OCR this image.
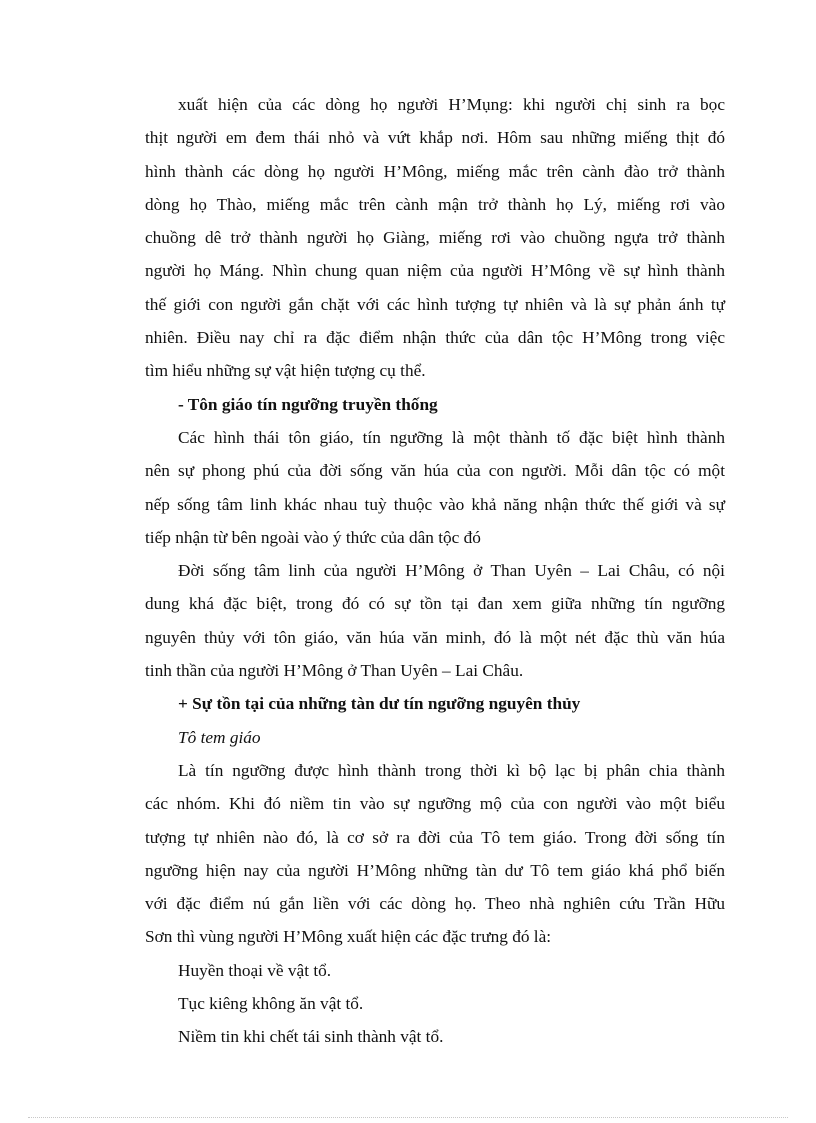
xuất hiện của các dòng họ người H’Mụng: khi người chị sinh ra bọc
thịt người em đem thái nhỏ và vứt khắp nơi. Hôm sau những miếng thịt đó
hình thành các dòng họ người H’Mông, miếng mắc trên cành đào trở thành
dòng họ Thào, miếng mắc trên cành mận trở thành họ Lý, miếng rơi vào
chuồng dê trở thành người họ Giàng, miếng rơi vào chuồng ngựa trở thành
người họ Máng. Nhìn chung quan niệm của người H’Mông về sự hình thành
thế giới con người gắn chặt với các hình tượng tự nhiên và là sự phản ánh tự
nhiên. Điều nay chỉ ra đặc điểm nhận thức của dân tộc H’Mông trong việc
tìm hiểu những sự vật hiện tượng cụ thể.
- Tôn giáo tín ngưỡng truyền thống
Các hình thái tôn giáo, tín ngưỡng là một thành tố đặc biệt hình thành
nên sự phong phú của đời sống văn húa của con người. Mỗi dân tộc có một
nếp sống tâm linh khác nhau tuỳ thuộc vào khả năng nhận thức thế giới và sự
tiếp nhận từ bên ngoài vào ý thức của dân tộc đó
Đời sống tâm linh của người H’Mông ở Than Uyên – Lai Châu, có nội
dung khá đặc biệt, trong đó có sự tồn tại đan xem giữa những tín ngưỡng
nguyên thủy với tôn giáo, văn húa văn minh, đó là một nét đặc thù văn húa
tinh thần của người H’Mông ở Than Uyên – Lai Châu.
+ Sự tồn tại của những tàn dư tín ngưỡng nguyên thủy
Tô tem giáo
Là tín ngưỡng được hình thành trong thời kì bộ lạc bị phân chia thành
các nhóm. Khi đó niềm tin vào sự ngưỡng mộ của con người vào một biểu
tượng tự nhiên nào đó, là cơ sở ra đời của Tô tem giáo. Trong đời sống tín
ngưỡng hiện nay của người H’Mông những tàn dư Tô tem giáo khá phổ biến
với đặc điểm nú gắn liền với các dòng họ. Theo nhà nghiên cứu Trần Hữu
Sơn thì vùng người H’Mông xuất hiện các đặc trưng đó là:
Huyền thoại về vật tổ.
Tục kiêng không ăn vật tổ.
Niềm tin khi chết tái sinh thành vật tổ.
